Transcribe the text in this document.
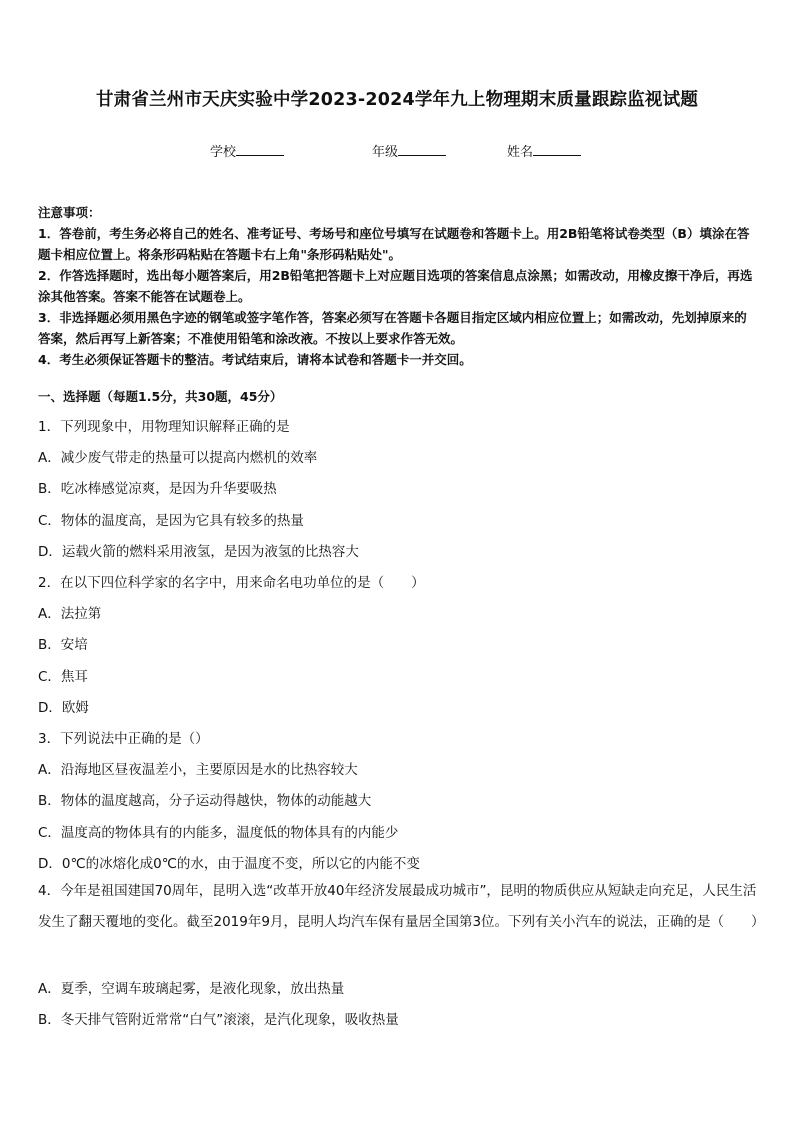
甘肃省兰州市天庆实验中学2023-2024学年九上物理期末质量跟踪监视试题
学校	年级	姓名

注意事项：

1．答卷前，考生务必将自己的姓名、准考证号、考场号和座位号填写在试题卷和答题卡上。用2B铅笔将试卷类型（B）填涂在答题卡相应位置上。将条形码粘贴在答题卡右上角"条形码粘贴处"。

2．作答选择题时，选出每小题答案后，用2B铅笔把答题卡上对应题目选项的答案信息点涂黑；如需改动，用橡皮擦干净后，再选涂其他答案。答案不能答在试题卷上。

3．非选择题必须用黑色字迹的钢笔或签字笔作答，答案必须写在答题卡各题目指定区域内相应位置上；如需改动，先划掉原来的答案，然后再写上新答案；不准使用铅笔和涂改液。不按以上要求作答无效。

4．考生必须保证答题卡的整洁。考试结束后，请将本试卷和答题卡一并交回。

一、选择题（每题1.5分，共30题，45分）
1．下列现象中，用物理知识解释正确的是
A．减少废气带走的热量可以提高内燃机的效率
B．吃冰棒感觉凉爽，是因为升华要吸热
C．物体的温度高，是因为它具有较多的热量
D．运载火箭的燃料采用液氢，是因为液氢的比热容大
2．在以下四位科学家的名字中，用来命名电功单位的是（　　）
A．法拉第
B．安培
C．焦耳
D．欧姆
3．下列说法中正确的是（）
A．沿海地区昼夜温差小，主要原因是水的比热容较大
B．物体的温度越高，分子运动得越快，物体的动能越大
C．温度高的物体具有的内能多，温度低的物体具有的内能少
D．0℃的冰熔化成0℃的水，由于温度不变，所以它的内能不变
4．今年是祖国建国70周年，昆明入选“改革开放40年经济发展最成功城市”，昆明的物质供应从短缺走向充足，人民生活发生了翻天覆地的变化。截至2019年9月，昆明人均汽车保有量居全国第3位。下列有关小汽车的说法，正确的是（　　）
A．夏季，空调车玻璃起雾，是液化现象，放出热量
B．冬天排气管附近常常“白气”滚滚，是汽化现象，吸收热量
